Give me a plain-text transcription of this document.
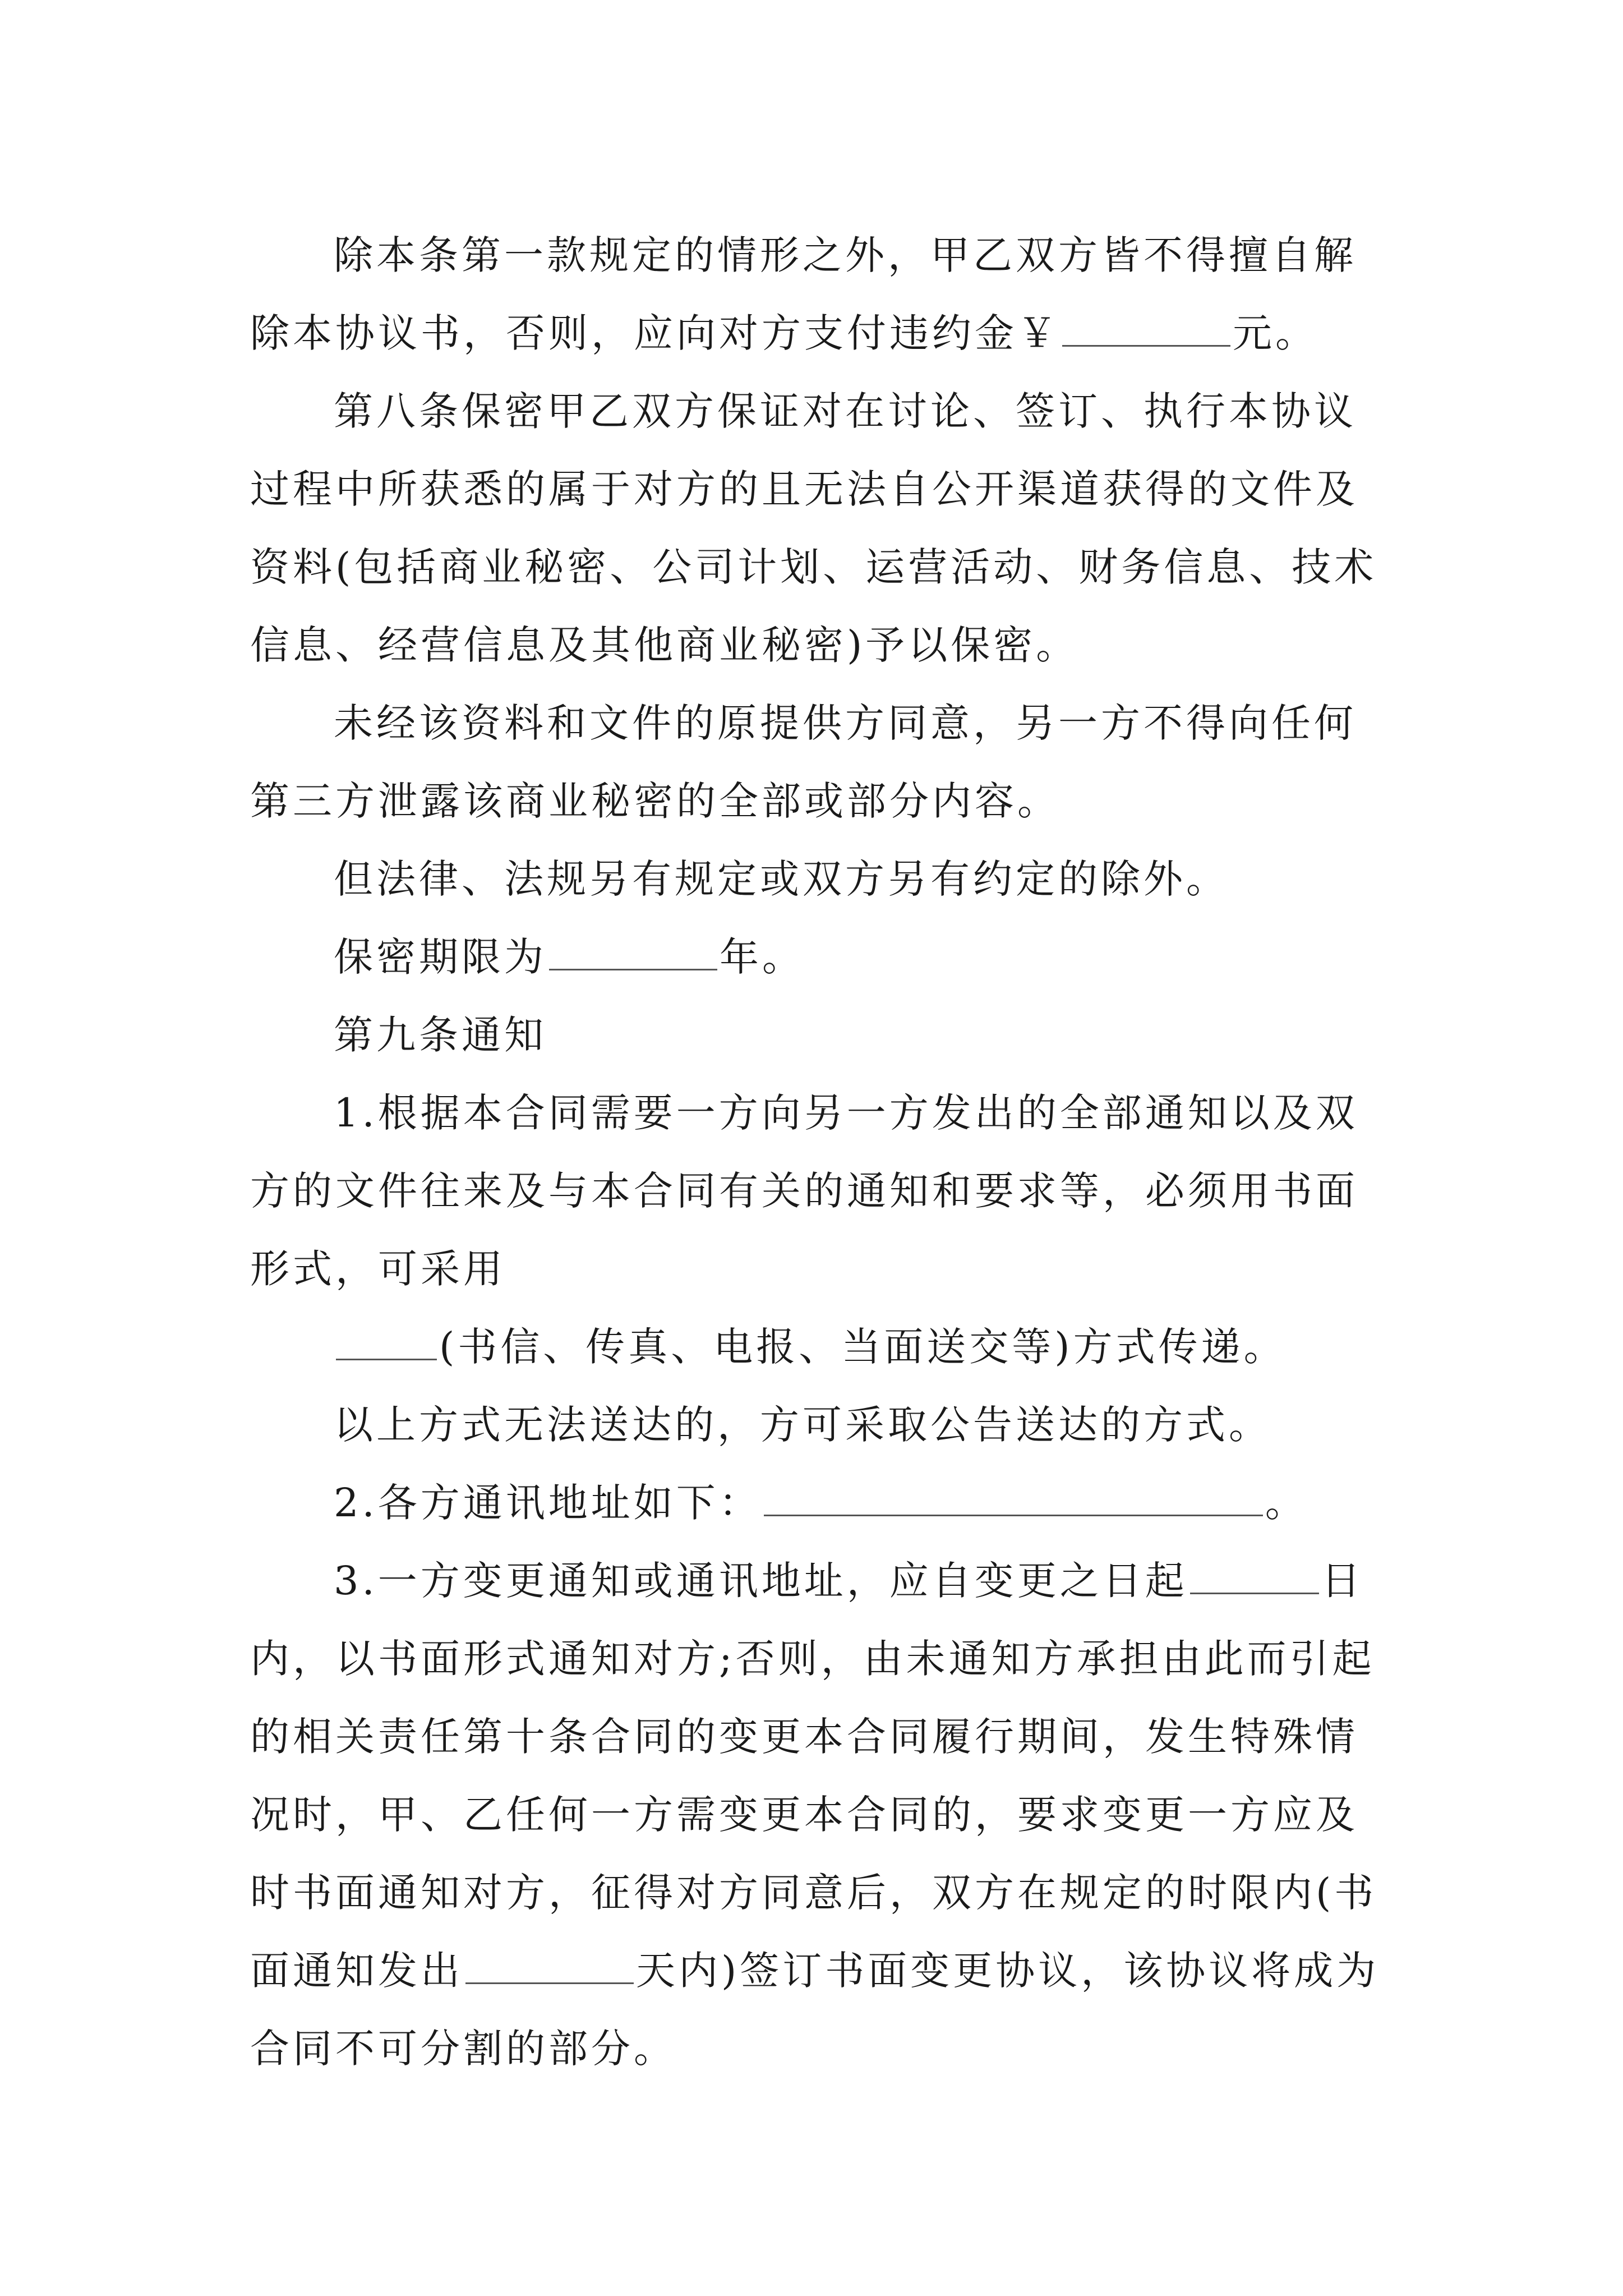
除本条第一款规定的情形之外，甲乙双方皆不得擅自解除本协议书，否则，应向对方支付违约金￥	元。

第八条保密甲乙双方保证对在讨论、签订、执行本协议过程中所获悉的属于对方的且无法自公开渠道获得的文件及资料(包括商业秘密、公司计划、运营活动、财务信息、技术信息、经营信息及其他商业秘密)予以保密。

未经该资料和文件的原提供方同意，另一方不得向任何第三方泄露该商业秘密的全部或部分内容。

但法律、法规另有规定或双方另有约定的除外。

保密期限为	年。

第九条通知

1.根据本合同需要一方向另一方发出的全部通知以及双方的文件往来及与本合同有关的通知和要求等，必须用书面形式，可采用

(书信、传真、电报、当面送交等)方式传递。

以上方式无法送达的，方可采取公告送达的方式。

2.各方通讯地址如下：	。

3.一方变更通知或通讯地址，应自变更之日起	日内，以书面形式通知对方;否则，由未通知方承担由此而引起的相关责任第十条合同的变更本合同履行期间，发生特殊情况时，甲、乙任何一方需变更本合同的，要求变更一方应及时书面通知对方，征得对方同意后，双方在规定的时限内(书面通知发出	天内)签订书面变更协议，该协议将成为合同不可分割的部分。
